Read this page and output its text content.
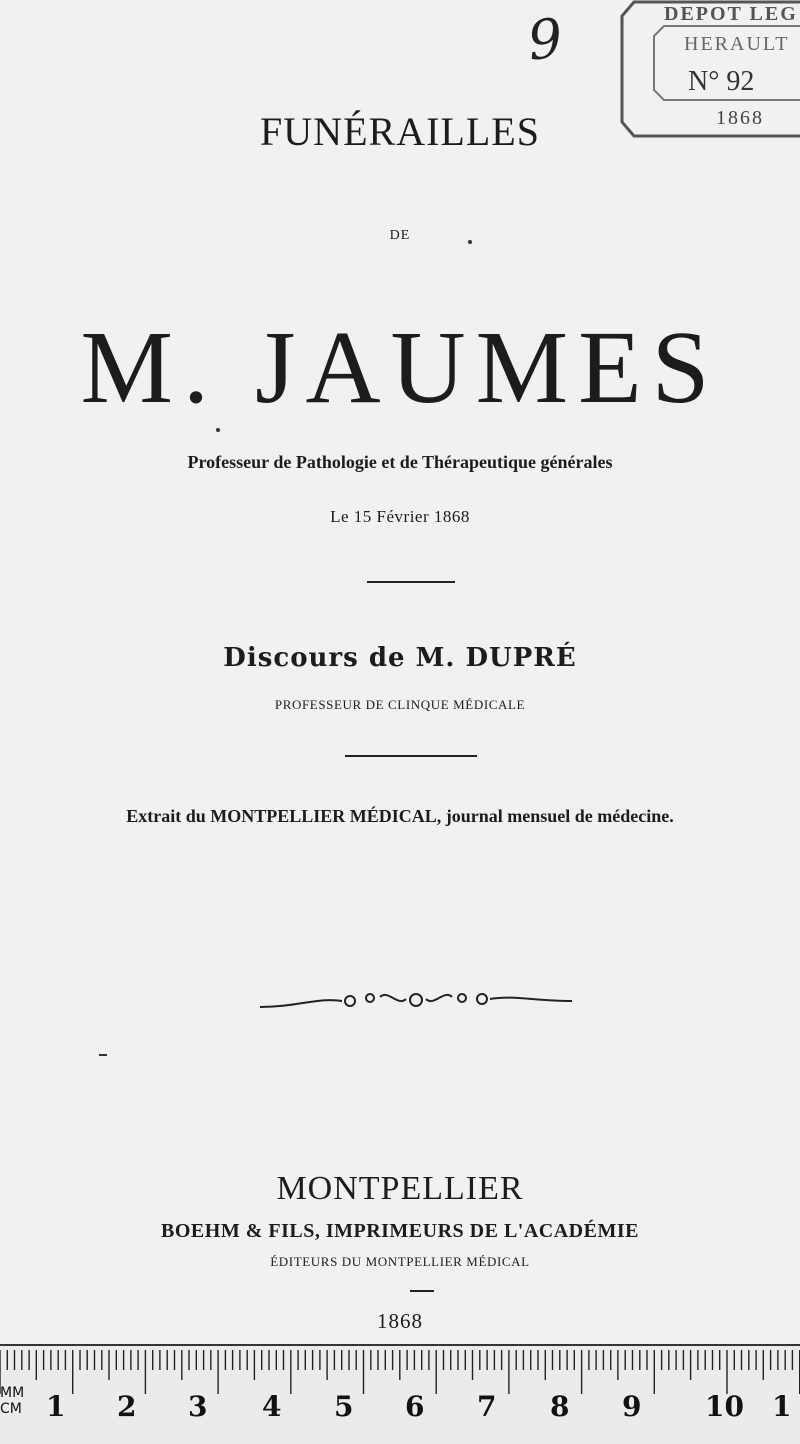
9	DEPOT LEG
HERAULT
N° 92
1868
FUNÉRAILLES
DE
M. JAUMES
Professeur de Pathologie et de Thérapeutique générales
Le 15 Février 1868
Discours de M. DUPRÉ
PROFESSEUR DE CLINQUE MÉDICALE
Extrait du MONTPELLIER MÉDICAL, journal mensuel de médecine.
MONTPELLIER
BOEHM & FILS, IMPRIMEURS DE L'ACADÉMIE
ÉDITEURS DU MONTPELLIER MÉDICAL
1868
MM
CM 1 2 3 4 5 6 7 8 9 10 1
